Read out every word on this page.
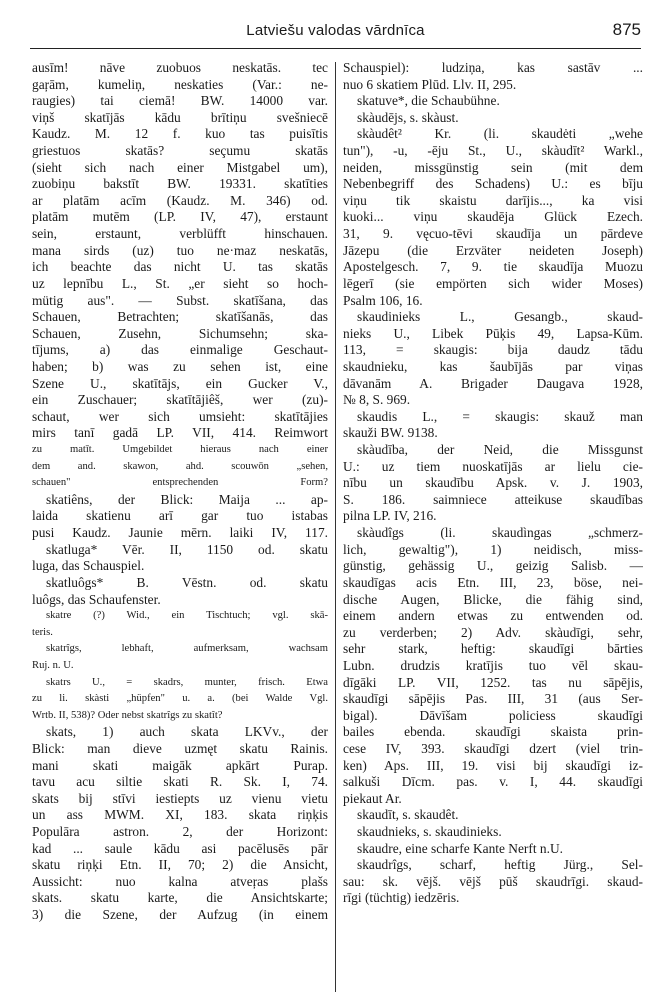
Latviešu valodas vārdnīca	875
ausīm! nāve zuobuos neskatās. tec
gaŗām, kumeliņ, neskaties (Var.: ne-
raugies) tai ciemā! BW. 14000 var.
viņš skatījās kādu brītiņu svešniecē
Kaudz. M. 12 f. kuo tas puisītis
griestuos skatās? seçumu skatās
(sieht sich nach einer Mistgabel um),
zuobiņu bakstīt BW. 19331. skatīties
ar platām acīm (Kaudz. M. 346) od.
platām mutēm (LP. IV, 47), erstaunt
sein, erstaunt, verblüfft hinschauen.
mana sirds (uz) tuo ne·maz neskatās,
ich beachte das nicht U. tas skatās
uz lepnību L., St. „er sieht so hoch-
mütig aus". — Subst. skatīšana, das
Schauen, Betrachten; skatīšanās, das
Schauen, Zusehn, Sichumsehn; ska-
tījums, a) das einmalige Geschaut-
haben; b) was zu sehen ist, eine
Szene U., skatītājs, ein Gucker V.,
ein Zuschauer; skatītājiêš, wer (zu)-
schaut, wer sich umsieht: skatītājies
mirs tanī gadā LP. VII, 414. Reimwort
zu matīt. Umgebildet hieraus nach einer
dem and. skawon, ahd. scouwōn „sehen,
schauen" entsprechenden Form?
skatiêns, der Blick: Maija ... ap-
laida skatienu arī gar tuo istabas
pusi Kaudz. Jaunie mērn. laiki IV, 117.
skatluga* Vēr. II, 1150 od. skatu
luga, das Schauspiel.
skatluôgs* B. Vēstn. od. skatu
luôgs, das Schaufenster.
skatre (?) Wid., ein Tischtuch; vgl. skā-
teris.
skatrîgs, lebhaft, aufmerksam, wachsam
Ruj. n. U.
skatrs U., = skadrs, munter, frisch. Etwa
zu li. skàsti „hüpfen" u. a. (bei Walde Vgl.
Wrtb. II, 538)? Oder nebst skatrîgs zu skatît?
skats, 1) auch skata LKVv., der
Blick: man dieve uzmęt skatu Rainis.
mani skati maigāk apkārt Purap.
tavu acu siltie skati R. Sk. I, 74.
skats bij stīvi iestiepts uz vienu vietu
un ass MWM. XI, 183. skata riņķis
Populāra astron. 2, der Horizont:
kad ... saule kādu asi pacēlusēs pār
skatu riņķi Etn. II, 70; 2) die Ansicht,
Aussicht: nuo kalna atveŗas plašs
skats. skatu karte, die Ansichtskarte;
3) die Szene, der Aufzug (in einem
Schauspiel): ludziņa, kas sastāv ...
nuo 6 skatiem Plūd. Llv. II, 295.
skatuve*, die Schaubühne.
skàudējs, s. skàust.
skàudêt² Kr. (li. skaudėti „wehe
tun"), -u, -ēju St., U., skàudīt² Warkl.,
neiden, missgünstig sein (mit dem
Nebenbegriff des Schadens) U.: es bīju
viņu tik skaistu darījis..., ka visi
kuoki... viņu skaudēja Glück Ezech.
31, 9. vęcuo-tēvi skaudīja un pārdeve
Jāzepu (die Erzväter neideten Joseph)
Apostelgesch. 7, 9. tie skaudīja Muozu
lēgerī (sie empörten sich wider Moses)
Psalm 106, 16.
skaudinieks L., Gesangb., skaud-
nieks U., Libek Pūķis 49, Lapsa-Kūm.
113, = skaugis: bija daudz tādu
skaudnieku, kas šaubījās par viņas
dāvanām A. Brigader Daugava 1928,
№ 8, S. 969.
skaudis L., = skaugis: skauž man
skauži BW. 9138.
skàudība, der Neid, die Missgunst
U.: uz tiem nuoskatījās ar lielu cie-
nību un skaudību Apsk. v. J. 1903,
S. 186. saimniece atteikuse skaudības
pilna LP. IV, 216.
skàudîgs (li. skaudìngas „schmerz-
lich, gewaltig"), 1) neidisch, miss-
günstig, gehässig U., geizig Salisb. —
skaudīgas acis Etn. III, 23, böse, nei-
dische Augen, Blicke, die fähig sind,
einem andern etwas zu entwenden od.
zu verderben; 2) Adv. skàudīgi, sehr,
sehr stark, heftig: skaudīgi bārties
Lubn. drudzis kratījis tuo vēl skau-
dīgāki LP. VII, 1252. tas nu sāpējis,
skaudīgi sāpējis Pas. III, 31 (aus Ser-
bigal). Dāvīšam policiess skaudīgi
bailes ebenda. skaudīgi skaista prin-
cese IV, 393. skaudīgi dzert (viel trin-
ken) Aps. III, 19. visi bij skaudīgi iz-
salkuši Dīcm. pas. v. I, 44. skaudīgi
piekaut Ar.
skaudīt, s. skaudêt.
skaudnieks, s. skaudinieks.
skaudre, eine scharfe Kante Nerft n.U.
skaudrîgs, scharf, heftig Jürg., Sel-
sau: sk. vējš. vējš pūš skaudrīgi. skaud-
rīgi (tüchtig) iedzēris.
